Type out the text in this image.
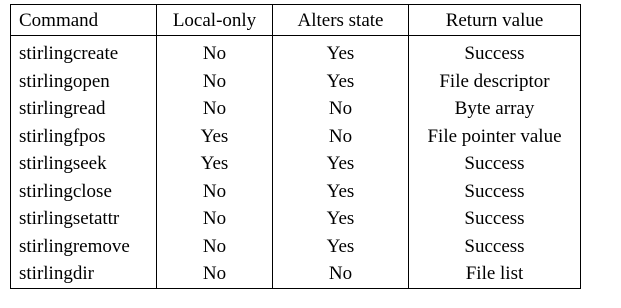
Command	Local-only	Alters state	Return value

stirlingcreate	No	Yes	Success
stirlingopen	No	Yes	File descriptor
stirlingread	No	No	Byte array
stirlingfpos	Yes	No	File pointer value
stirlingseek	Yes	Yes	Success
stirlingclose	No	Yes	Success
stirlingsetattr	No	Yes	Success
stirlingremove	No	Yes	Success
stirlingdir	No	No	File list
